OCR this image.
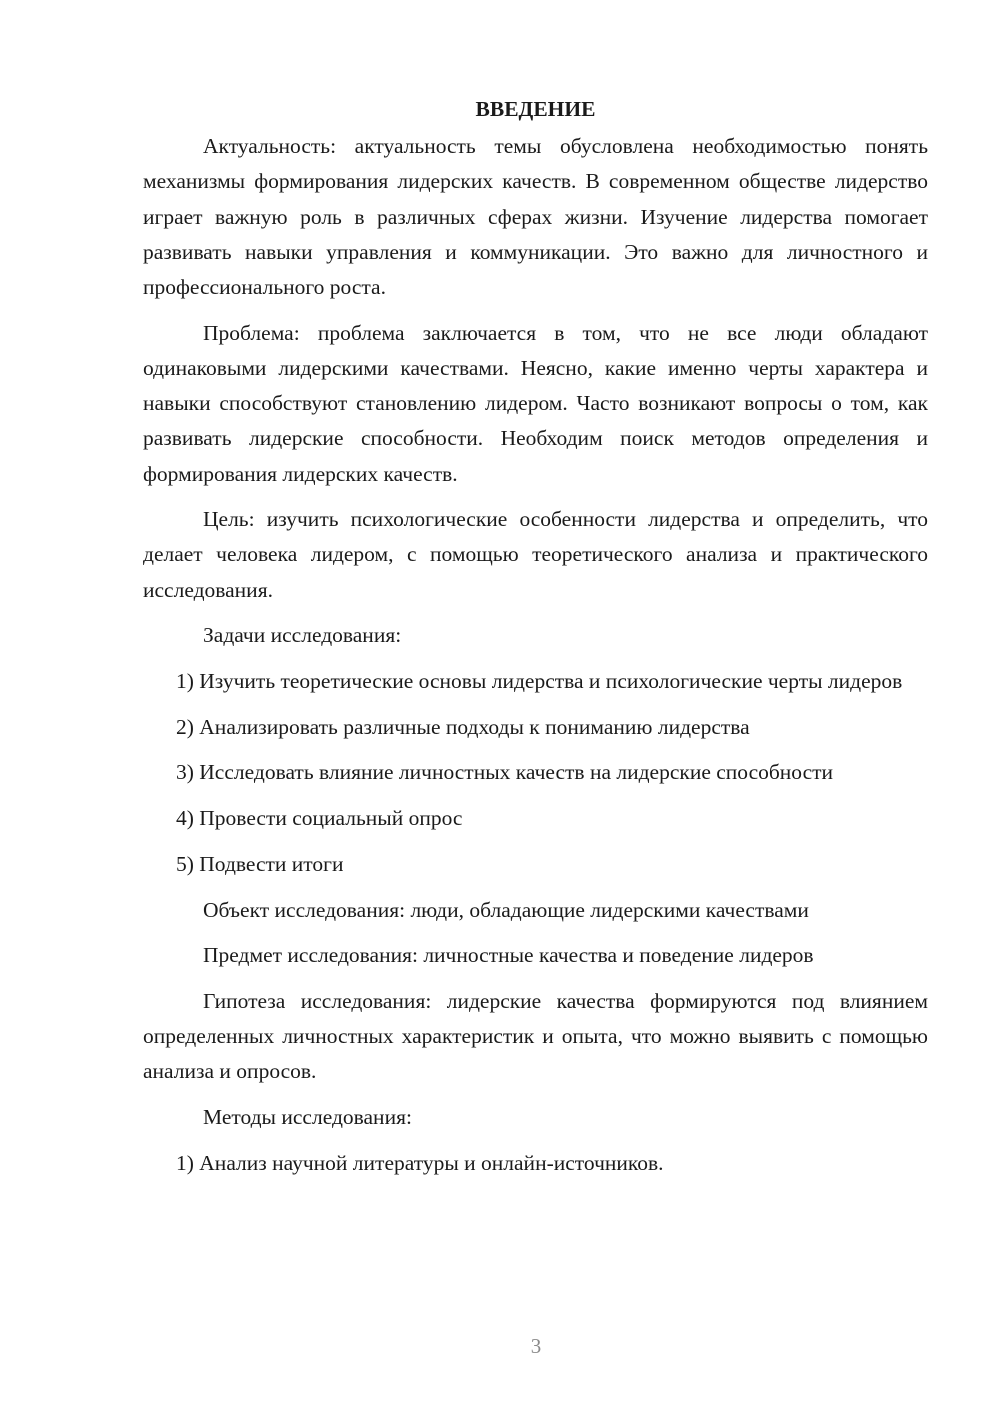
ВВЕДЕНИЕ

Актуальность: актуальность темы обусловлена необходимостью понять механизмы формирования лидерских качеств. В современном обществе лидерство играет важную роль в различных сферах жизни. Изучение лидерства помогает развивать навыки управления и коммуникации. Это важно для личностного и профессионального роста.

Проблема: проблема заключается в том, что не все люди обладают одинаковыми лидерскими качествами. Неясно, какие именно черты характера и навыки способствуют становлению лидером. Часто возникают вопросы о том, как развивать лидерские способности. Необходим поиск методов определения и формирования лидерских качеств.

Цель: изучить психологические особенности лидерства и определить, что делает человека лидером, с помощью теоретического анализа и практического исследования.

Задачи исследования:

1) Изучить теоретические основы лидерства и психологические черты лидеров

2) Анализировать различные подходы к пониманию лидерства

3) Исследовать влияние личностных качеств на лидерские способности

4) Провести социальный опрос

5) Подвести итоги

Объект исследования: люди, обладающие лидерскими качествами

Предмет исследования: личностные качества и поведение лидеров

Гипотеза исследования: лидерские качества формируются под влиянием определенных личностных характеристик и опыта, что можно выявить с помощью анализа и опросов.

Методы исследования:

1) Анализ научной литературы и онлайн-источников.

3
